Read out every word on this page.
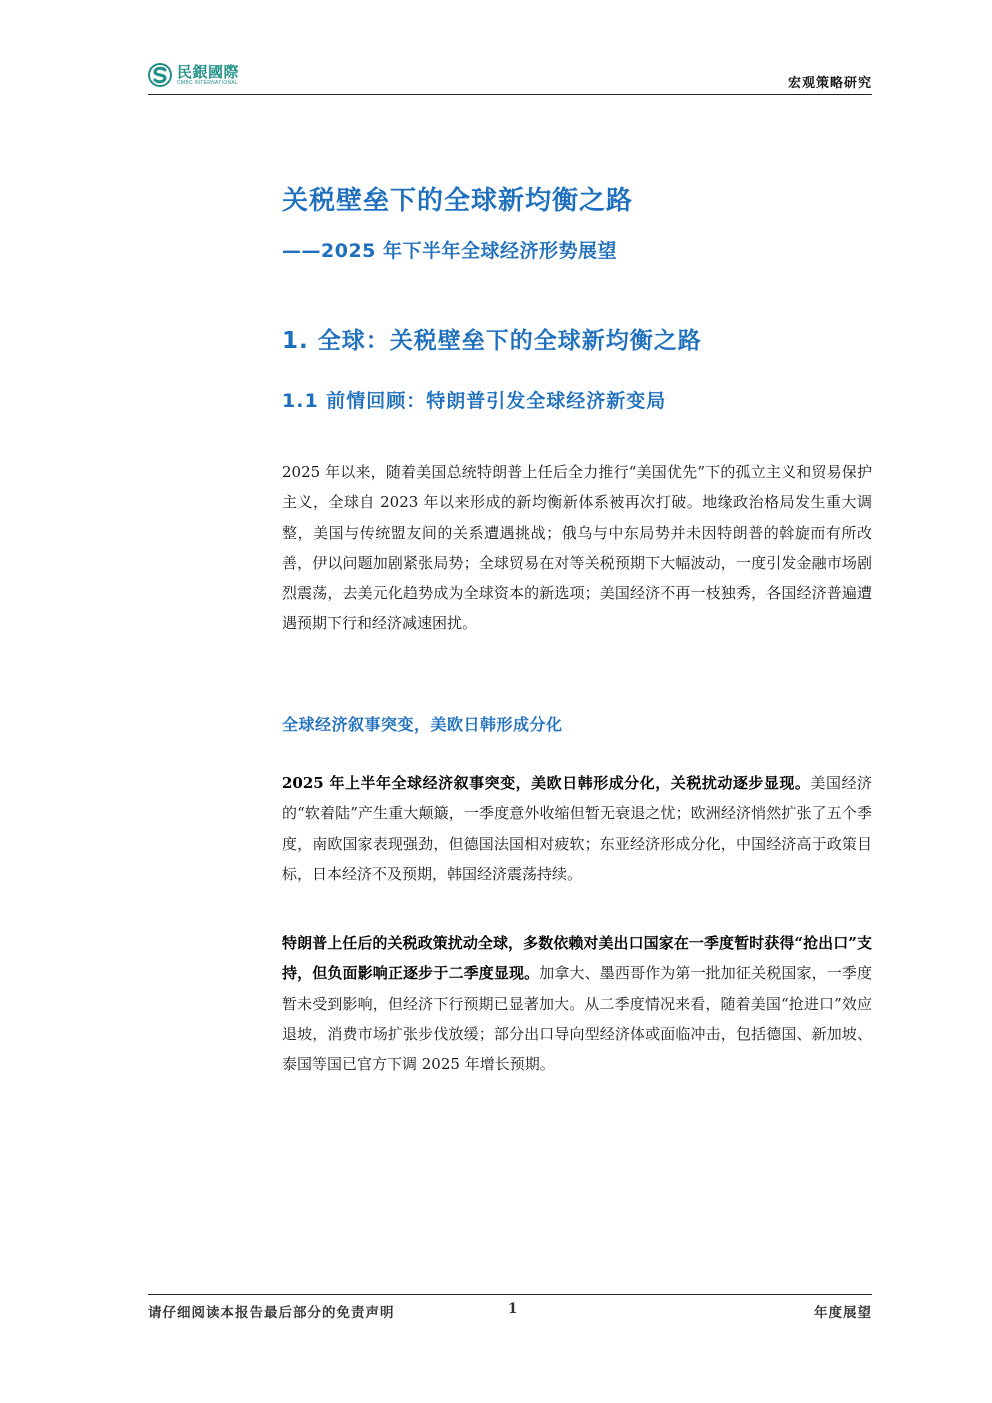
民銀國際
CMBC INTERNATIONAL	宏观策略研究
关税壁垒下的全球新均衡之路
——2025 年下半年全球经济形势展望
1. 全球：关税壁垒下的全球新均衡之路
1.1 前情回顾：特朗普引发全球经济新变局

2025 年以来，随着美国总统特朗普上任后全力推行“美国优先”下的孤立主义和贸易保护主义，全球自 2023 年以来形成的新均衡新体系被再次打破。地缘政治格局发生重大调整，美国与传统盟友间的关系遭遇挑战；俄乌与中东局势并未因特朗普的斡旋而有所改善，伊以问题加剧紧张局势；全球贸易在对等关税预期下大幅波动，一度引发金融市场剧烈震荡，去美元化趋势成为全球资本的新选项；美国经济不再一枝独秀，各国经济普遍遭遇预期下行和经济减速困扰。

全球经济叙事突变，美欧日韩形成分化

2025 年上半年全球经济叙事突变，美欧日韩形成分化，关税扰动逐步显现。美国经济的“软着陆”产生重大颠簸，一季度意外收缩但暂无衰退之忧；欧洲经济悄然扩张了五个季度，南欧国家表现强劲，但德国法国相对疲软；东亚经济形成分化，中国经济高于政策目标，日本经济不及预期，韩国经济震荡持续。

特朗普上任后的关税政策扰动全球，多数依赖对美出口国家在一季度暂时获得“抢出口”支持，但负面影响正逐步于二季度显现。加拿大、墨西哥作为第一批加征关税国家，一季度暂未受到影响，但经济下行预期已显著加大。从二季度情况来看，随着美国“抢进口”效应退坡，消费市场扩张步伐放缓；部分出口导向型经济体或面临冲击，包括德国、新加坡、泰国等国已官方下调 2025 年增长预期。

请仔细阅读本报告最后部分的免责声明	1	年度展望
